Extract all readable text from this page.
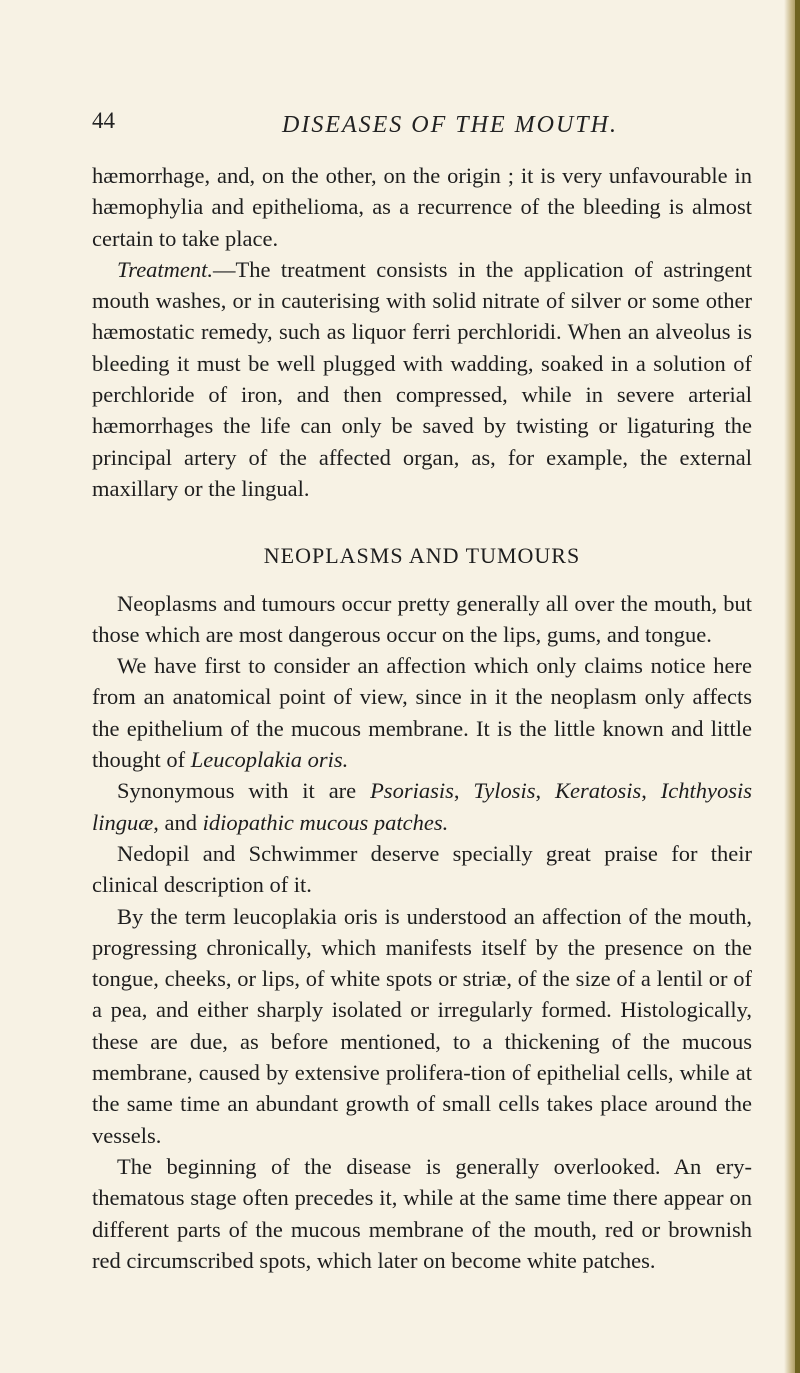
44	DISEASES OF THE MOUTH.

hæmorrhage, and, on the other, on the origin ; it is very unfavourable in hæmophylia and epithelioma, as a recurrence of the bleeding is almost certain to take place.

Treatment.—The treatment consists in the application of astringent mouth washes, or in cauterising with solid nitrate of silver or some other hæmostatic remedy, such as liquor ferri perchloridi. When an alveolus is bleeding it must be well plugged with wadding, soaked in a solution of perchloride of iron, and then compressed, while in severe arterial hæmorrhages the life can only be saved by twisting or ligaturing the principal artery of the affected organ, as, for example, the external maxillary or the lingual.

NEOPLASMS AND TUMOURS

Neoplasms and tumours occur pretty generally all over the mouth, but those which are most dangerous occur on the lips, gums, and tongue.

We have first to consider an affection which only claims notice here from an anatomical point of view, since in it the neoplasm only affects the epithelium of the mucous membrane. It is the little known and little thought of Leucoplakia oris.

Synonymous with it are Psoriasis, Tylosis, Keratosis, Ichthyosis linguæ, and idiopathic mucous patches.

Nedopil and Schwimmer deserve specially great praise for their clinical description of it.

By the term leucoplakia oris is understood an affection of the mouth, progressing chronically, which manifests itself by the presence on the tongue, cheeks, or lips, of white spots or striæ, of the size of a lentil or of a pea, and either sharply isolated or irregularly formed. Histologically, these are due, as before mentioned, to a thickening of the mucous membrane, caused by extensive prolifera-tion of epithelial cells, while at the same time an abundant growth of small cells takes place around the vessels.

The beginning of the disease is generally overlooked. An ery-thematous stage often precedes it, while at the same time there appear on different parts of the mucous membrane of the mouth, red or brownish red circumscribed spots, which later on become white patches.
